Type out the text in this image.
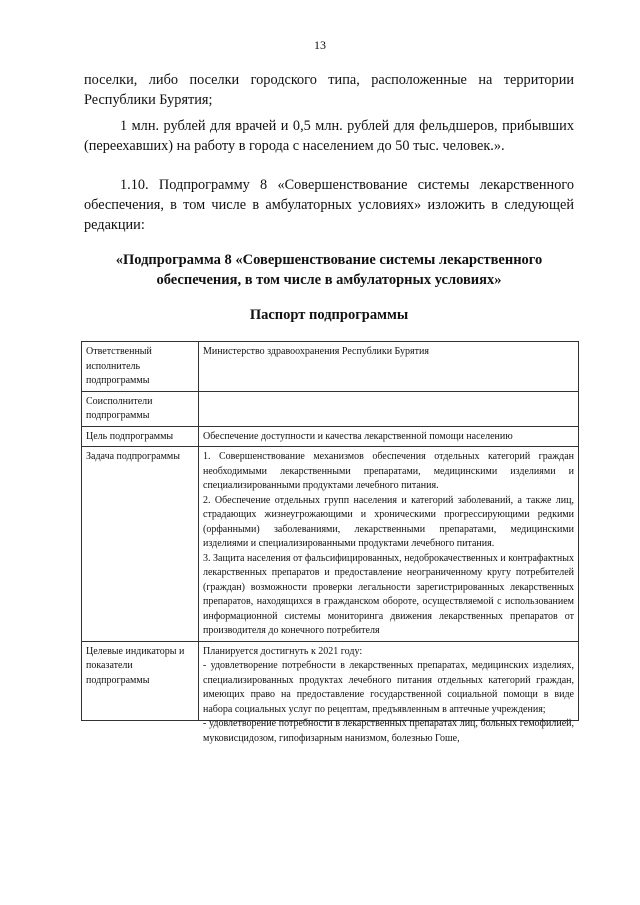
13

поселки, либо поселки городского типа, расположенные на территории Республики Бурятия;

1 млн. рублей для врачей и 0,5 млн. рублей для фельдшеров, прибывших (переехавших) на работу в города с населением до 50 тыс. человек.».

1.10. Подпрограмму 8 «Совершенствование системы лекарственного обеспечения, в том числе в амбулаторных условиях» изложить в следующей редакции:

«Подпрограмма 8 «Совершенствование системы лекарственного обеспечения, в том числе в амбулаторных условиях»
Паспорт подпрограммы
Ответственный исполнитель подпрограммы	Министерство здравоохранения Республики Бурятия
Соисполнители подпрограммы	
Цель подпрограммы	Обеспечение доступности и качества лекарственной помощи населению
Задача подпрограммы	1. Совершенствование механизмов обеспечения отдельных категорий граждан необходимыми лекарственными препаратами, медицинскими изделиями и специализированными продуктами лечебного питания.
2. Обеспечение отдельных групп населения и категорий заболеваний, а также лиц, страдающих жизнеугрожающими и хроническими прогрессирующими редкими (орфанными) заболеваниями, лекарственными препаратами, медицинскими изделиями и специализированными продуктами лечебного питания.
3. Защита населения от фальсифицированных, недоброкачественных и контрафактных лекарственных препаратов и предоставление неограниченному кругу потребителей (граждан) возможности проверки легальности зарегистрированных лекарственных препаратов, находящихся в гражданском обороте, осуществляемой с использованием информационной системы мониторинга движения лекарственных препаратов от производителя до конечного потребителя

Целевые индикаторы и показатели подпрограммы	Планируется достигнуть к 2021 году:
- удовлетворение потребности в лекарственных препаратах, медицинских изделиях, специализированных продуктах лечебного питания отдельных категорий граждан, имеющих право на предоставление государственной социальной помощи в виде набора социальных услуг по рецептам, предъявленным в аптечные учреждения;
- удовлетворение потребности в лекарственных препаратах лиц, больных гемофилией, муковисцидозом, гипофизарным нанизмом, болезнью Гоше,
